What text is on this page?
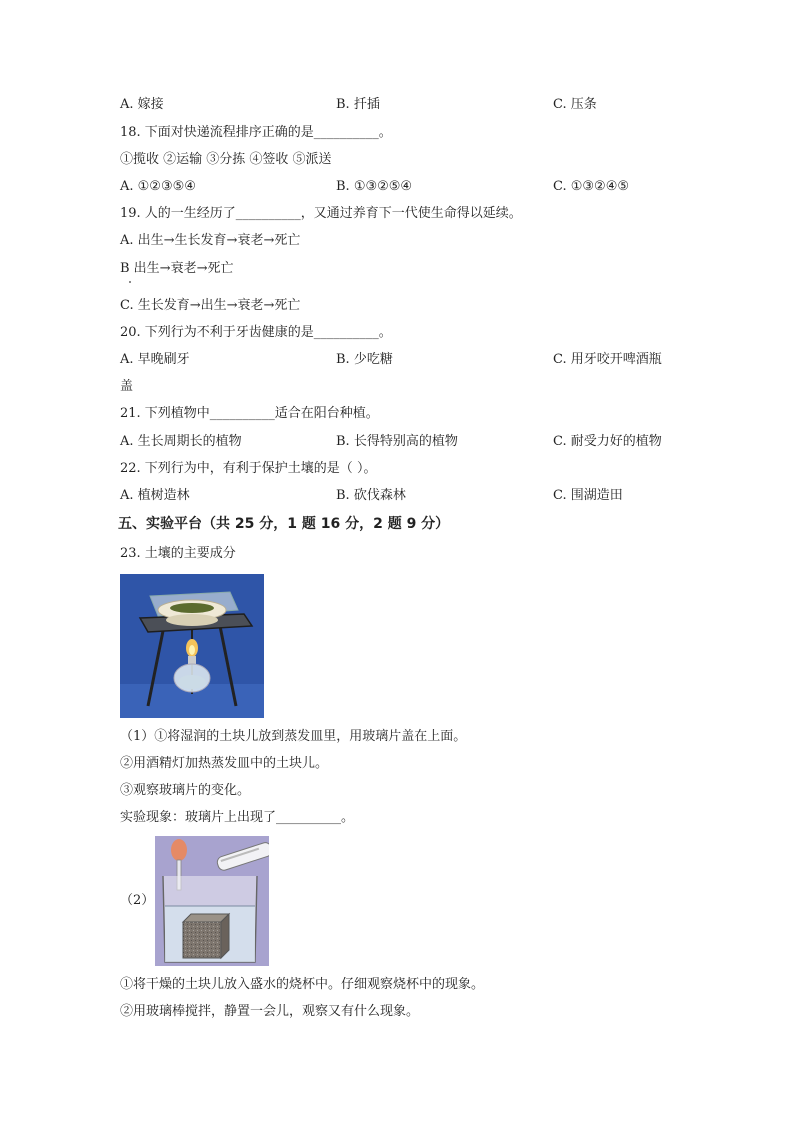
A. 嫁接	B. 扦插	C. 压条
18. 下面对快递流程排序正确的是__________。
①揽收 ②运输 ③分拣 ④签收 ⑤派送
A. ①②③⑤④	B. ①③②⑤④	C. ①③②④⑤
19. 人的一生经历了__________，又通过养育下一代使生命得以延续。
A. 出生→生长发育→衰老→死亡
B 出生→衰老→死亡
C. 生长发育→出生→衰老→死亡
20. 下列行为不利于牙齿健康的是__________。
A. 早晚刷牙	B. 少吃糖	C. 用牙咬开啤酒瓶
盖
21. 下列植物中__________适合在阳台种植。
A. 生长周期长的植物	B. 长得特别高的植物	C. 耐受力好的植物
22. 下列行为中，有利于保护土壤的是（ ）。
A. 植树造林	B. 砍伐森林	C. 围湖造田
五、实验平台（共 25 分，1 题 16 分，2 题 9 分）
23. 土壤的主要成分
（1）①将湿润的土块儿放到蒸发皿里，用玻璃片盖在上面。
②用酒精灯加热蒸发皿中的土块儿。
③观察玻璃片的变化。
实验现象：玻璃片上出现了__________。
（2）
①将干燥的土块儿放入盛水的烧杯中。仔细观察烧杯中的现象。
②用玻璃棒搅拌，静置一会儿，观察又有什么现象。
